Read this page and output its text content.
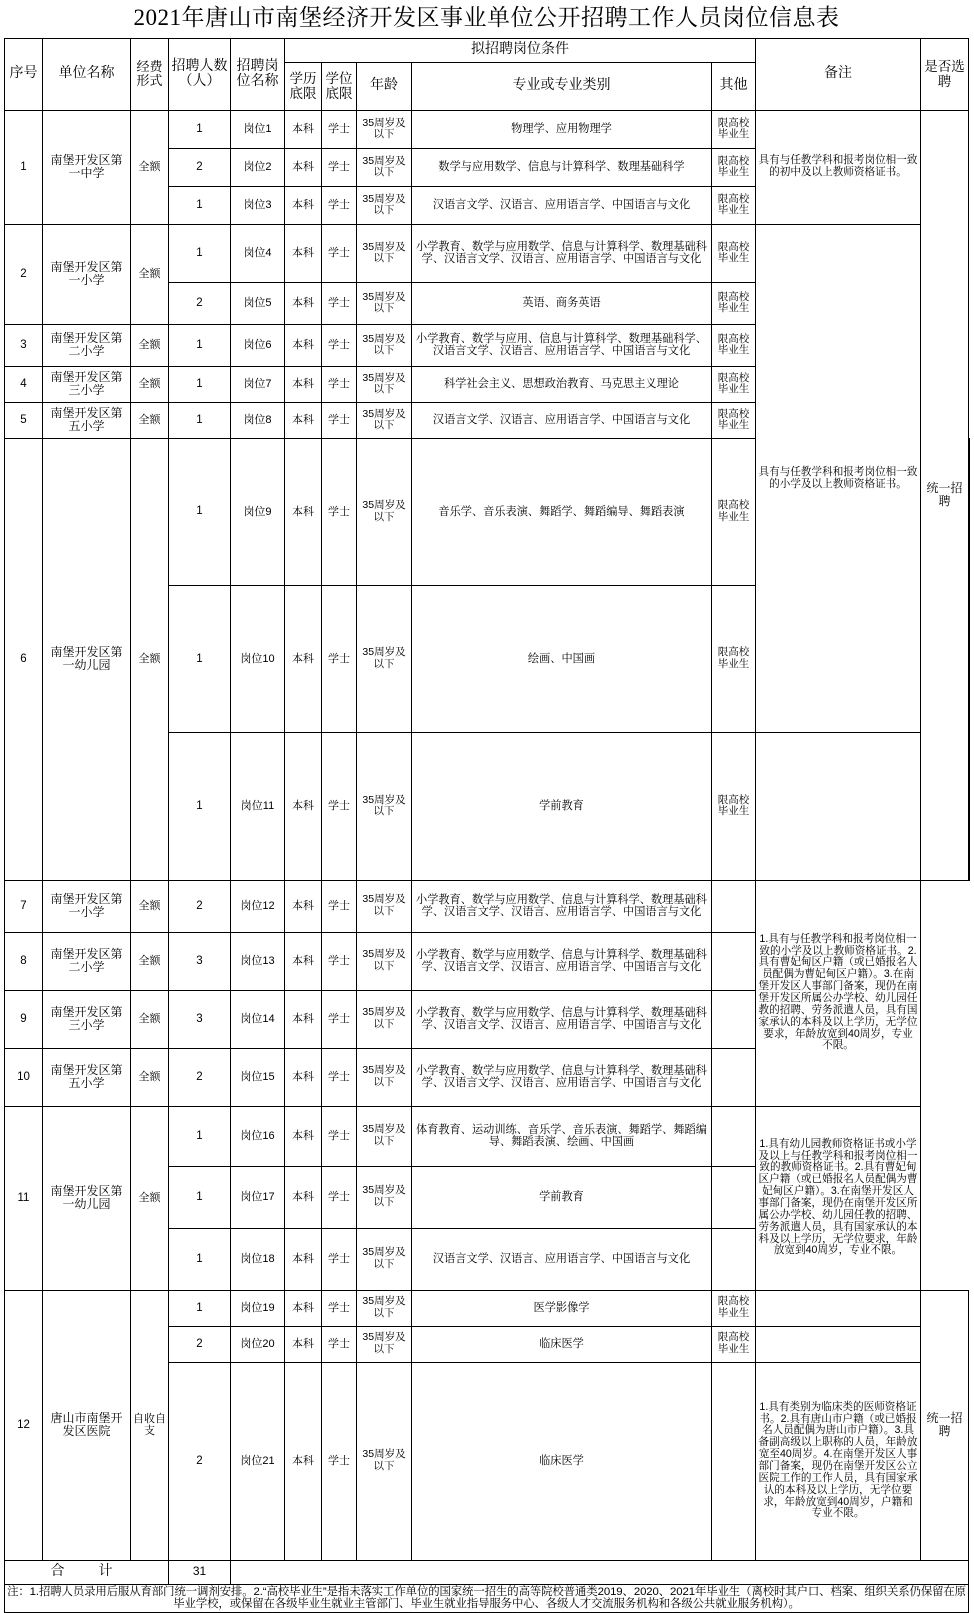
2021年唐山市南堡经济开发区事业单位公开招聘工作人员岗位信息表												
序号	单位名称	经费形式	招聘人数（人）	招聘岗位名称	拟招聘岗位条件					备注	是否选聘	
					学历底限	学位底限	年龄	专业或专业类别	其他			
1	南堡开发区第一中学	全额	1	岗位1	本科	学士	35周岁及以下	物理学、应用物理学	限高校毕业生	具有与任教学科和报考岗位相一致的初中及以上教师资格证书。	统一招聘	
			2	岗位2	本科	学士	35周岁及以下	数学与应用数学、信息与计算科学、数理基础科学	限高校毕业生			
			1	岗位3	本科	学士	35周岁及以下	汉语言文学、汉语言、应用语言学、中国语言与文化	限高校毕业生			
2	南堡开发区第一小学	全额	1	岗位4	本科	学士	35周岁及以下	小学教育、数学与应用数学、信息与计算科学、数理基础科学、汉语言文学、汉语言、应用语言学、中国语言与文化	限高校毕业生	具有与任教学科和报考岗位相一致的小学及以上教师资格证书。		
			2	岗位5	本科	学士	35周岁及以下	英语、商务英语	限高校毕业生			
3	南堡开发区第二小学	全额	1	岗位6	本科	学士	35周岁及以下	小学教育、数学与应用、信息与计算科学、数理基础科学、汉语言文学、汉语言、应用语言学、中国语言与文化	限高校毕业生			
4	南堡开发区第三小学	全额	1	岗位7	本科	学士	35周岁及以下	科学社会主义、思想政治教育、马克思主义理论	限高校毕业生			
5	南堡开发区第五小学	全额	1	岗位8	本科	学士	35周岁及以下	汉语言文学、汉语言、应用语言学、中国语言与文化	限高校毕业生			
6	南堡开发区第一幼儿园	全额	1	岗位9	本科	学士	35周岁及以下	音乐学、音乐表演、舞蹈学、舞蹈编导、舞蹈表演	限高校毕业生	
			1	岗位10	本科	学士	35周岁及以下	绘画、中国画	限高校毕业生			
			1	岗位11	本科	学士	35周岁及以下	学前教育	限高校毕业生			
7	南堡开发区第一小学	全额	2	岗位12	本科	学士	35周岁及以下	小学教育、数学与应用数学、信息与计算科学、数理基础科学、汉语言文学、汉语言、应用语言学、中国语言与文化		1.具有与任教学科和报考岗位相一致的小学及以上教师资格证书。2.具有曹妃甸区户籍（或已婚报名人员配偶为曹妃甸区户籍）。3.在南堡开发区人事部门备案，现仍在南堡开发区所属公办学校、幼儿园任教的招聘、劳务派遣人员，具有国家承认的本科及以上学历，无学位要求，年龄放宽到40周岁，专业不限。		
8	南堡开发区第二小学	全额	3	岗位13	本科	学士	35周岁及以下	小学教育、数学与应用数学、信息与计算科学、数理基础科学、汉语言文学、汉语言、应用语言学、中国语言与文化				
9	南堡开发区第三小学	全额	3	岗位14	本科	学士	35周岁及以下	小学教育、数学与应用数学、信息与计算科学、数理基础科学、汉语言文学、汉语言、应用语言学、中国语言与文化				
10	南堡开发区第五小学	全额	2	岗位15	本科	学士	35周岁及以下	小学教育、数学与应用数学、信息与计算科学、数理基础科学、汉语言文学、汉语言、应用语言学、中国语言与文化				
11	南堡开发区第一幼儿园	全额	1	岗位16	本科	学士	35周岁及以下	体育教育、运动训练、音乐学、音乐表演、舞蹈学、舞蹈编导、舞蹈表演、绘画、中国画		1.具有幼儿园教师资格证书或小学及以上与任教学科和报考岗位相一致的教师资格证书。2.具有曹妃甸区户籍（或已婚报名人员配偶为曹妃甸区户籍）。3.在南堡开发区人事部门备案，现仍在南堡开发区所属公办学校、幼儿园任教的招聘、劳务派遣人员，具有国家承认的本科及以上学历，无学位要求，年龄放宽到40周岁，专业不限。		
			1	岗位17	本科	学士	35周岁及以下	学前教育				
			1	岗位18	本科	学士	35周岁及以下	汉语言文学、汉语言、应用语言学、中国语言与文化				
12	唐山市南堡开发区医院	自收自支	1	岗位19	本科	学士	35周岁及以下	医学影像学	限高校毕业生		统一招聘	
			2	岗位20	本科	学士	35周岁及以下	临床医学	限高校毕业生			
			2	岗位21	本科	学士	35周岁及以下	临床医学		1.具有类别为临床类的医师资格证书。2.具有唐山市户籍（或已婚报名人员配偶为唐山市户籍）。3.具备副高级以上职称的人员，年龄放宽至40周岁。4.在南堡开发区人事部门备案，现仍在南堡开发区公立医院工作的工作人员，具有国家承认的本科及以上学历，无学位要求，年龄放宽到40周岁，户籍和专业不限。		
合　计			31									
注：1.招聘人员录用后服从育部门统一调剂安排。2.“高校毕业生”是指未落实工作单位的国家统一招生的高等院校普通类2019、2020、2021年毕业生（离校时其户口、档案、组织关系仍保留在原毕业学校，或保留在各级毕业生就业主管部门、毕业生就业指导服务中心、各级人才交流服务机构和各级公共就业服务机构）。												
